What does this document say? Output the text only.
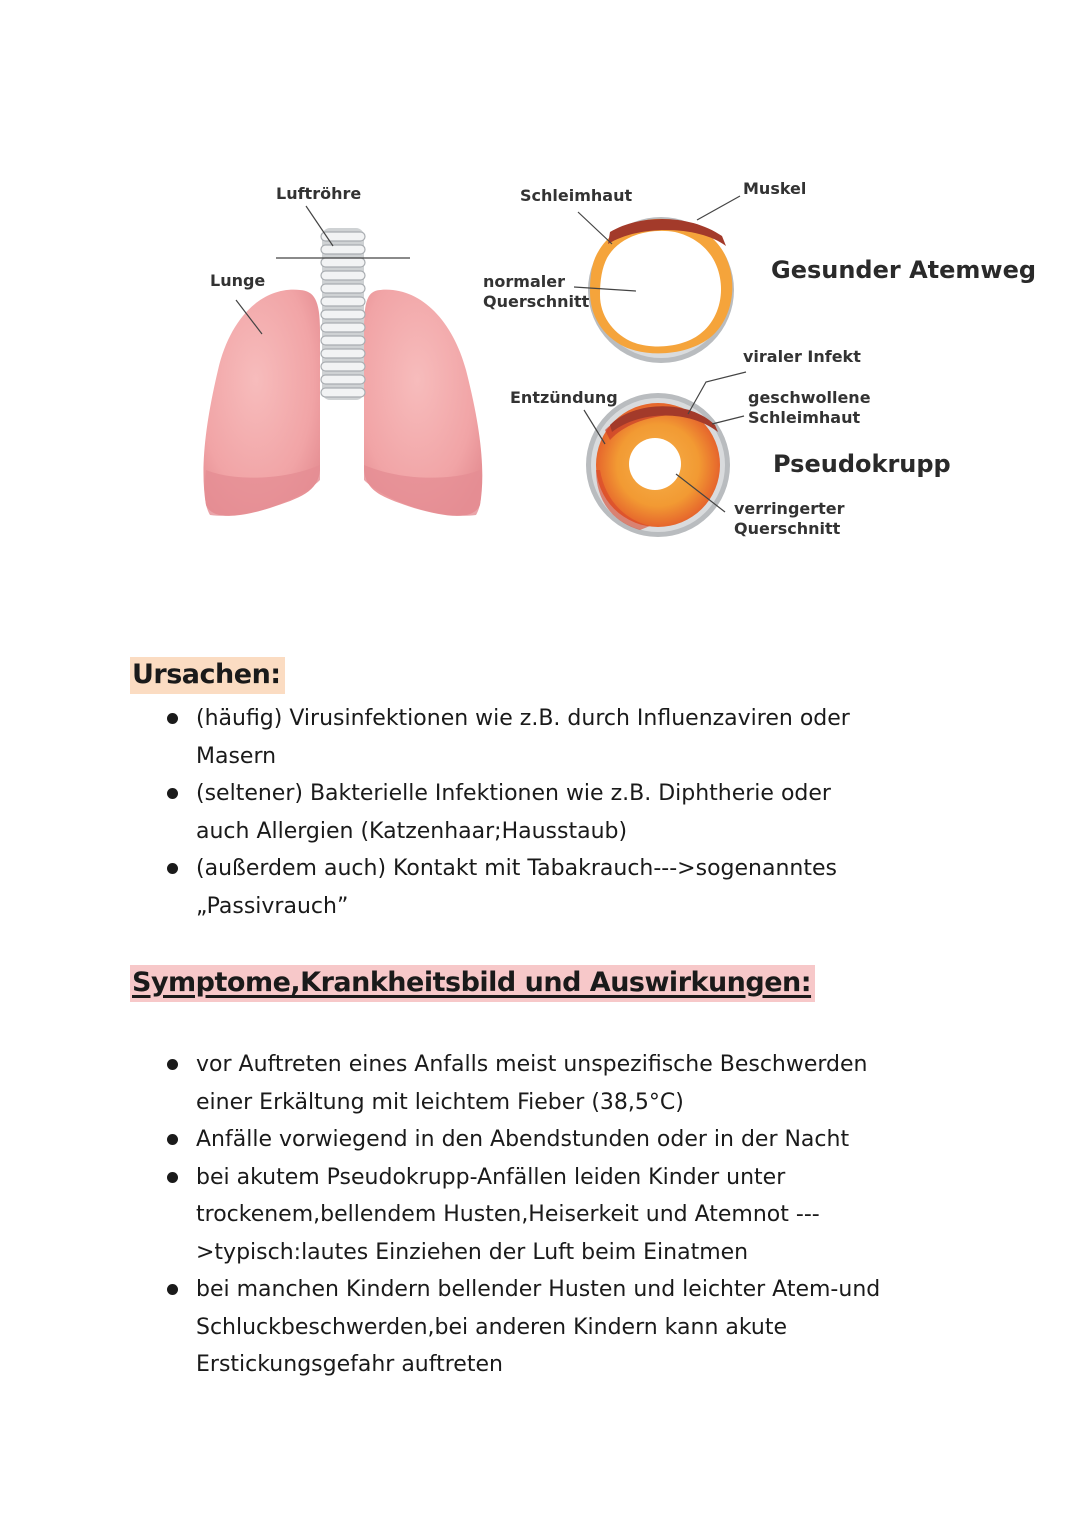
Luftröhre
Lunge
Schleimhaut	Muskel
normaler
Querschnitt
Gesunder Atemweg
viraler Infekt
Entzündung	geschwollene
Schleimhaut
Pseudokrupp
verringerter
Querschnitt
Ursachen:
(häufig) Virusinfektionen wie z.B. durch Influenzaviren oder Masern
(seltener) Bakterielle Infektionen wie z.B. Diphtherie oder auch Allergien (Katzenhaar;Hausstaub)
(außerdem auch) Kontakt mit Tabakrauch--->sogenanntes „Passivrauch”
Symptome,Krankheitsbild und Auswirkungen:
vor Auftreten eines Anfalls meist unspezifische Beschwerden einer Erkältung mit leichtem Fieber (38,5°C)
Anfälle vorwiegend in den Abendstunden oder in der Nacht
bei akutem Pseudokrupp-Anfällen leiden Kinder unter trockenem,bellendem Husten,Heiserkeit und Atemnot --->typisch:lautes Einziehen der Luft beim Einatmen
bei manchen Kindern bellender Husten und leichter Atem-und Schluckbeschwerden,bei anderen Kindern kann akute Erstickungsgefahr auftreten
